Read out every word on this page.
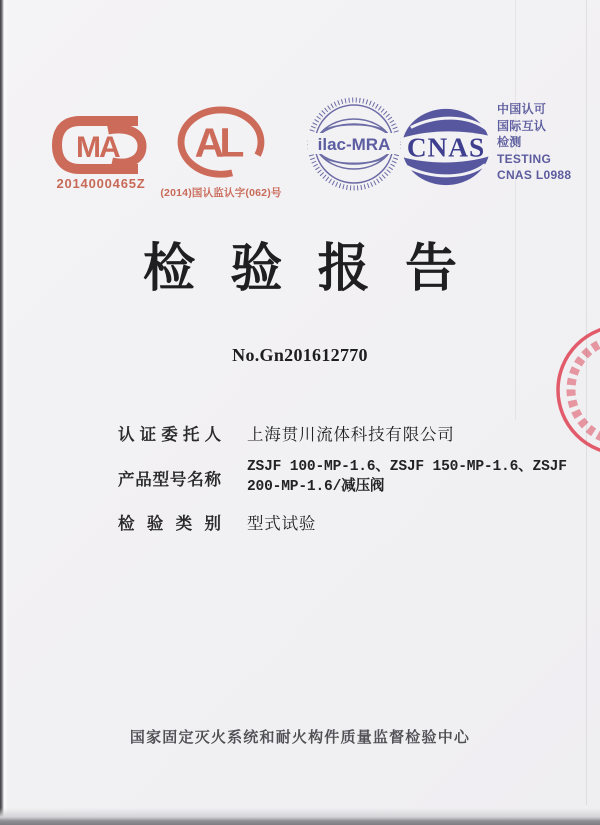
MA
2014000465Z
AL
(2014)国认监认字(062)号
ilac-MRA CNAS
中国认可
国际互认
检测
TESTING
CNAS L0988
检验报告
No.Gn201612770
认证委托人 上海贯川流体科技有限公司
产品型号名称
ZSJF 100-MP-1.6、ZSJF 150-MP-1.6、ZSJF 200-MP-1.6/减压阀
检验类别 型式试验
国家固定灭火系统和耐火构件质量监督检验中心
